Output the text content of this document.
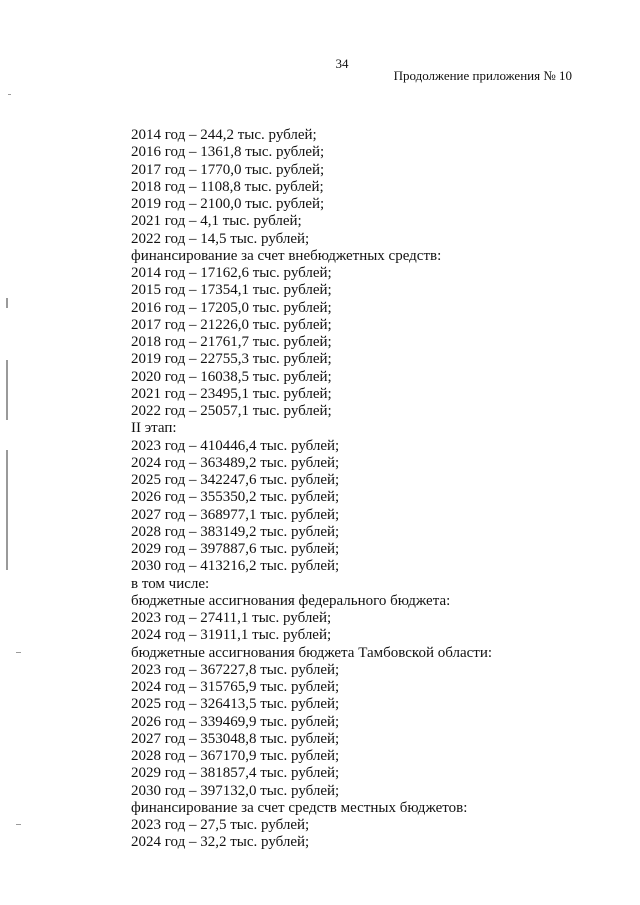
34
Продолжение приложения № 10
2014 год – 244,2 тыс. рублей;
2016 год – 1361,8 тыс. рублей;
2017 год – 1770,0 тыс. рублей;
2018 год – 1108,8 тыс. рублей;
2019 год – 2100,0 тыс. рублей;
2021 год – 4,1 тыс. рублей;
2022 год – 14,5 тыс. рублей;
финансирование за счет внебюджетных средств:
2014 год – 17162,6 тыс. рублей;
2015 год – 17354,1 тыс. рублей;
2016 год – 17205,0 тыс. рублей;
2017 год – 21226,0 тыс. рублей;
2018 год – 21761,7 тыс. рублей;
2019 год – 22755,3 тыс. рублей;
2020 год – 16038,5 тыс. рублей;
2021 год – 23495,1 тыс. рублей;
2022 год – 25057,1 тыс. рублей;
II этап:
2023 год – 410446,4 тыс. рублей;
2024 год – 363489,2 тыс. рублей;
2025 год – 342247,6 тыс. рублей;
2026 год – 355350,2 тыс. рублей;
2027 год – 368977,1 тыс. рублей;
2028 год – 383149,2 тыс. рублей;
2029 год – 397887,6 тыс. рублей;
2030 год – 413216,2 тыс. рублей;
в том числе:
бюджетные ассигнования федерального бюджета:
2023 год – 27411,1 тыс. рублей;
2024 год – 31911,1 тыс. рублей;
бюджетные ассигнования бюджета Тамбовской области:
2023 год – 367227,8 тыс. рублей;
2024 год – 315765,9 тыс. рублей;
2025 год – 326413,5 тыс. рублей;
2026 год – 339469,9 тыс. рублей;
2027 год – 353048,8 тыс. рублей;
2028 год – 367170,9 тыс. рублей;
2029 год – 381857,4 тыс. рублей;
2030 год – 397132,0 тыс. рублей;
финансирование за счет средств местных бюджетов:
2023 год – 27,5 тыс. рублей;
2024 год – 32,2 тыс. рублей;
